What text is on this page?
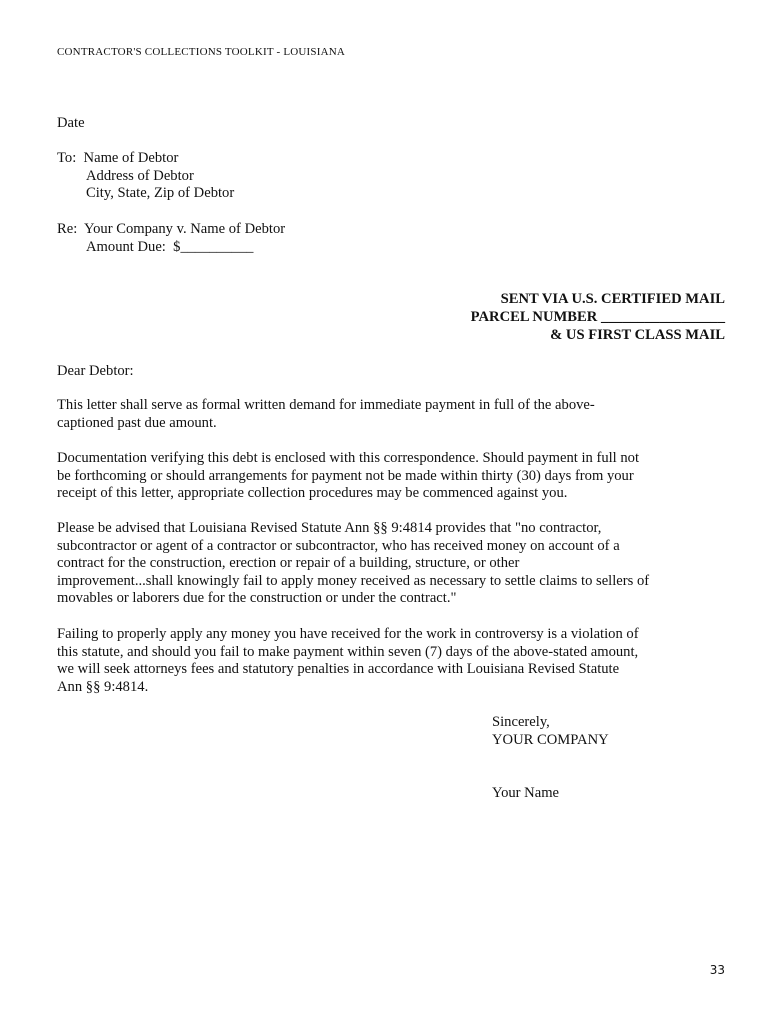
CONTRACTOR'S COLLECTIONS TOOLKIT - LOUISIANA
Date
To: Name of Debtor
Address of Debtor
City, State, Zip of Debtor
Re: Your Company v. Name of Debtor
Amount Due:  $__________
SENT VIA U.S. CERTIFIED MAIL
PARCEL NUMBER _________________
& US FIRST CLASS MAIL
Dear Debtor:
This letter shall serve as formal written demand for immediate payment in full of the above-
captioned past due amount.
Documentation verifying this debt is enclosed with this correspondence. Should payment in full not
be forthcoming or should arrangements for payment not be made within thirty (30) days from your
receipt of this letter, appropriate collection procedures may be commenced against you.
Please be advised that Louisiana Revised Statute Ann §§ 9:4814 provides that "no contractor,
subcontractor or agent of a contractor or subcontractor, who has received money on account of a
contract for the construction, erection or repair of a building, structure, or other
improvement...shall knowingly fail to apply money received as necessary to settle claims to sellers of
movables or laborers due for the construction or under the contract."
Failing to properly apply any money you have received for the work in controversy is a violation of
this statute, and should you fail to make payment within seven (7) days of the above-stated amount,
we will seek attorneys fees and statutory penalties in accordance with Louisiana Revised Statute
Ann §§ 9:4814.
Sincerely,
YOUR COMPANY
Your Name
33
